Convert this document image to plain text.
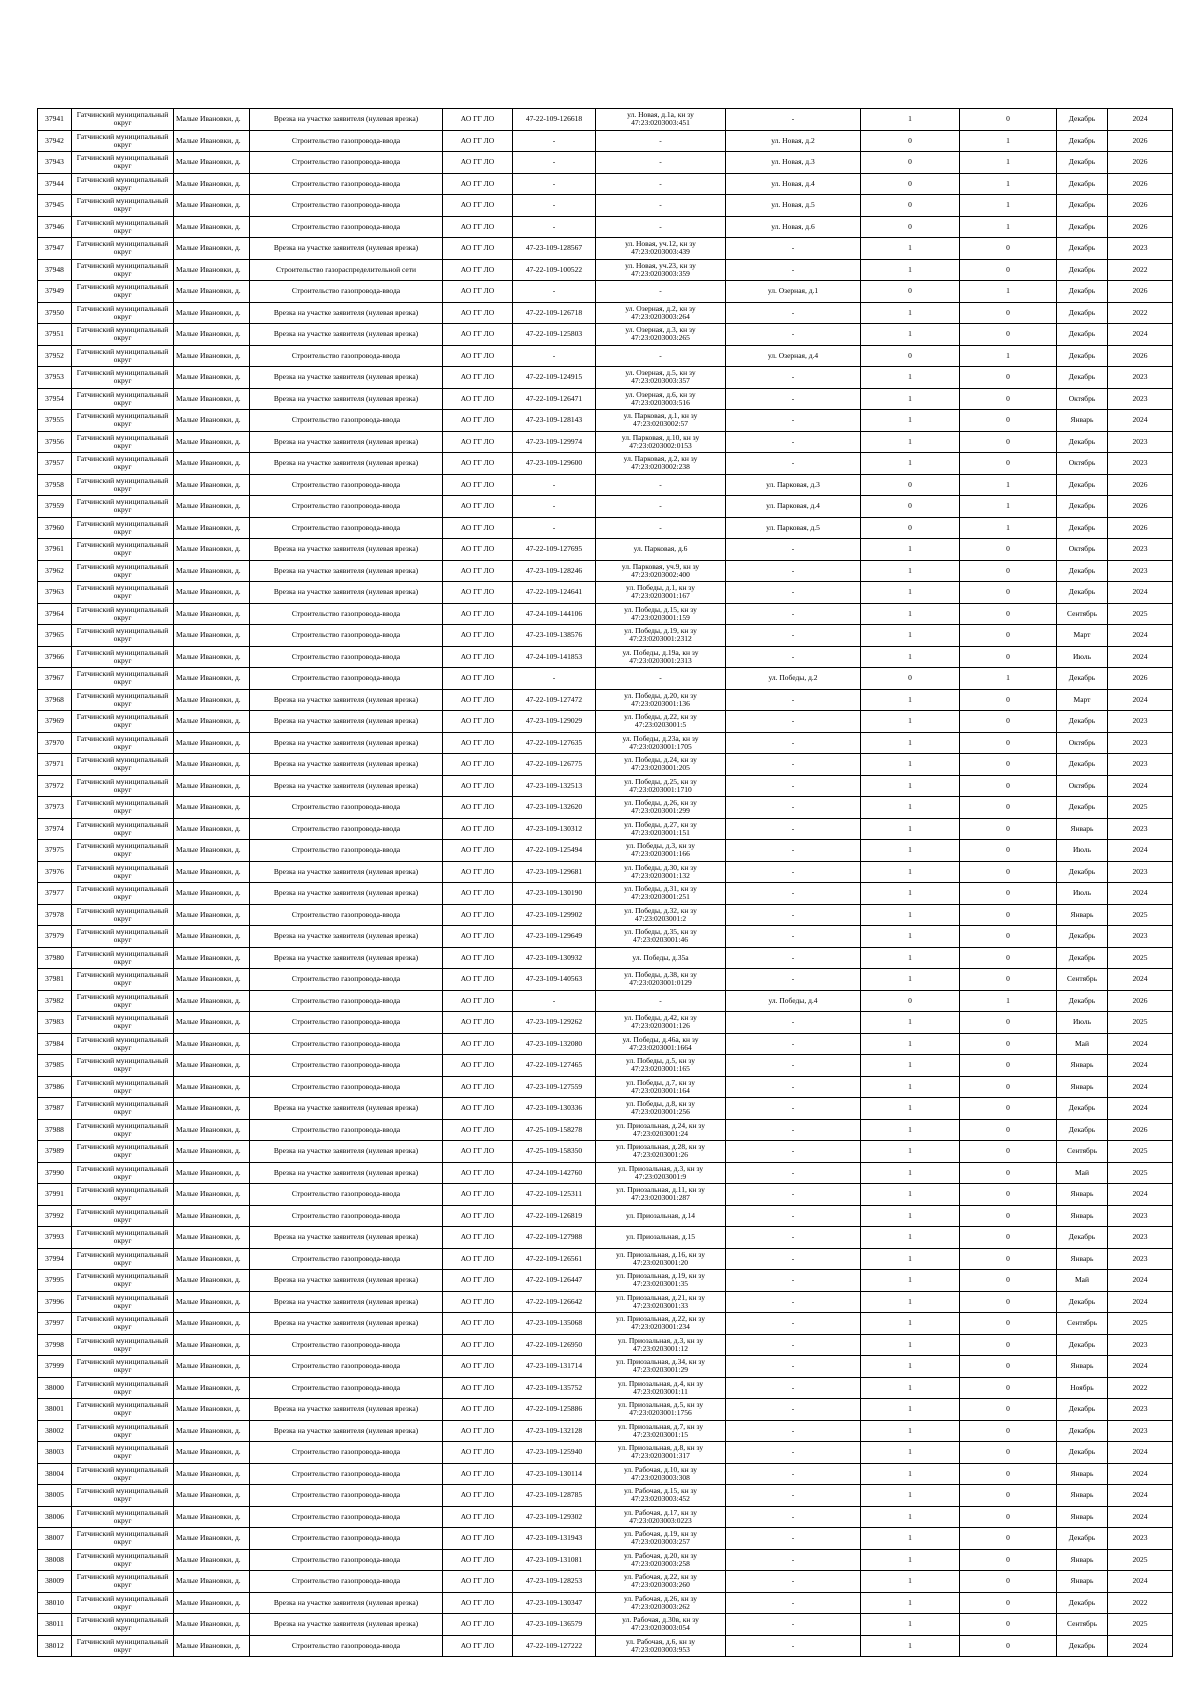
37941	Гатчинский муниципальный округ	Малые Ивановки, д.	Врезка на участке заявителя (нулевая врезка)	АО ГГ ЛО	47-22-109-126618	ул. Новая, д.1а, кн зу 47:23:0203003:451	-	1	0	Декабрь	2024
37942	Гатчинский муниципальный округ	Малые Ивановки, д.	Строительство газопровода-ввода	АО ГГ ЛО	-	-	ул. Новая, д.2	0	1	Декабрь	2026
37943	Гатчинский муниципальный округ	Малые Ивановки, д.	Строительство газопровода-ввода	АО ГГ ЛО	-	-	ул. Новая, д.3	0	1	Декабрь	2026
37944	Гатчинский муниципальный округ	Малые Ивановки, д.	Строительство газопровода-ввода	АО ГГ ЛО	-	-	ул. Новая, д.4	0	1	Декабрь	2026
37945	Гатчинский муниципальный округ	Малые Ивановки, д.	Строительство газопровода-ввода	АО ГГ ЛО	-	-	ул. Новая, д.5	0	1	Декабрь	2026
37946	Гатчинский муниципальный округ	Малые Ивановки, д.	Строительство газопровода-ввода	АО ГГ ЛО	-	-	ул. Новая, д.6	0	1	Декабрь	2026
37947	Гатчинский муниципальный округ	Малые Ивановки, д.	Врезка на участке заявителя (нулевая врезка)	АО ГГ ЛО	47-23-109-128567	ул. Новая, уч.12, кн зу 47:23:0203003:439	-	1	0	Декабрь	2023
37948	Гатчинский муниципальный округ	Малые Ивановки, д.	Строительство газораспределительной сети	АО ГГ ЛО	47-22-109-100522	ул. Новая, уч.23, кн зу 47:23:0203003:359	-	1	0	Декабрь	2022
37949	Гатчинский муниципальный округ	Малые Ивановки, д.	Строительство газопровода-ввода	АО ГГ ЛО	-	-	ул. Озерная, д.1	0	1	Декабрь	2026
37950	Гатчинский муниципальный округ	Малые Ивановки, д.	Врезка на участке заявителя (нулевая врезка)	АО ГГ ЛО	47-22-109-126718	ул. Озерная, д.2, кн зу 47:23:0203003:264	-	1	0	Декабрь	2022
37951	Гатчинский муниципальный округ	Малые Ивановки, д.	Врезка на участке заявителя (нулевая врезка)	АО ГГ ЛО	47-22-109-125803	ул. Озерная, д.3, кн зу 47:23:0203003:265	-	1	0	Декабрь	2024
37952	Гатчинский муниципальный округ	Малые Ивановки, д.	Строительство газопровода-ввода	АО ГГ ЛО	-	-	ул. Озерная, д.4	0	1	Декабрь	2026
37953	Гатчинский муниципальный округ	Малые Ивановки, д.	Врезка на участке заявителя (нулевая врезка)	АО ГГ ЛО	47-22-109-124915	ул. Озерная, д.5, кн зу 47:23:0203003:357	-	1	0	Декабрь	2023
37954	Гатчинский муниципальный округ	Малые Ивановки, д.	Врезка на участке заявителя (нулевая врезка)	АО ГГ ЛО	47-22-109-126471	ул. Озерная, д.6, кн зу 47:23:0203003:516	-	1	0	Октябрь	2023
37955	Гатчинский муниципальный округ	Малые Ивановки, д.	Строительство газопровода-ввода	АО ГГ ЛО	47-23-109-128143	ул. Парковая, д.1, кн зу 47:23:0203002:57	-	1	0	Январь	2024
37956	Гатчинский муниципальный округ	Малые Ивановки, д.	Врезка на участке заявителя (нулевая врезка)	АО ГГ ЛО	47-23-109-129974	ул. Парковая, д.10, кн зу 47:23:0203002:0153	-	1	0	Декабрь	2023
37957	Гатчинский муниципальный округ	Малые Ивановки, д.	Врезка на участке заявителя (нулевая врезка)	АО ГГ ЛО	47-23-109-129600	ул. Парковая, д.2, кн зу 47:23:0203002:238	-	1	0	Октябрь	2023
37958	Гатчинский муниципальный округ	Малые Ивановки, д.	Строительство газопровода-ввода	АО ГГ ЛО	-	-	ул. Парковая, д.3	0	1	Декабрь	2026
37959	Гатчинский муниципальный округ	Малые Ивановки, д.	Строительство газопровода-ввода	АО ГГ ЛО	-	-	ул. Парковая, д.4	0	1	Декабрь	2026
37960	Гатчинский муниципальный округ	Малые Ивановки, д.	Строительство газопровода-ввода	АО ГГ ЛО	-	-	ул. Парковая, д.5	0	1	Декабрь	2026
37961	Гатчинский муниципальный округ	Малые Ивановки, д.	Врезка на участке заявителя (нулевая врезка)	АО ГГ ЛО	47-22-109-127695	ул. Парковая, д.6	-	1	0	Октябрь	2023
37962	Гатчинский муниципальный округ	Малые Ивановки, д.	Врезка на участке заявителя (нулевая врезка)	АО ГГ ЛО	47-23-109-128246	ул. Парковая, уч.9, кн зу 47:23:0203002:400	-	1	0	Декабрь	2023
37963	Гатчинский муниципальный округ	Малые Ивановки, д.	Врезка на участке заявителя (нулевая врезка)	АО ГГ ЛО	47-22-109-124641	ул. Победы, д.1, кн зу 47:23:0203001:167	-	1	0	Декабрь	2024
37964	Гатчинский муниципальный округ	Малые Ивановки, д.	Строительство газопровода-ввода	АО ГГ ЛО	47-24-109-144106	ул. Победы, д.15, кн зу 47:23:0203001:159	-	1	0	Сентябрь	2025
37965	Гатчинский муниципальный округ	Малые Ивановки, д.	Строительство газопровода-ввода	АО ГГ ЛО	47-23-109-138576	ул. Победы, д.19, кн зу 47:23:0203001:2312	-	1	0	Март	2024
37966	Гатчинский муниципальный округ	Малые Ивановки, д.	Строительство газопровода-ввода	АО ГГ ЛО	47-24-109-141853	ул. Победы, д.19а, кн зу 47:23:0203001:2313	-	1	0	Июль	2024
37967	Гатчинский муниципальный округ	Малые Ивановки, д.	Строительство газопровода-ввода	АО ГГ ЛО	-	-	ул. Победы, д.2	0	1	Декабрь	2026
37968	Гатчинский муниципальный округ	Малые Ивановки, д.	Врезка на участке заявителя (нулевая врезка)	АО ГГ ЛО	47-22-109-127472	ул. Победы, д.20, кн зу 47:23:0203001:136	-	1	0	Март	2024
37969	Гатчинский муниципальный округ	Малые Ивановки, д.	Врезка на участке заявителя (нулевая врезка)	АО ГГ ЛО	47-23-109-129029	ул. Победы, д.22, кн зу 47:23:0203001:5	-	1	0	Декабрь	2023
37970	Гатчинский муниципальный округ	Малые Ивановки, д.	Врезка на участке заявителя (нулевая врезка)	АО ГГ ЛО	47-22-109-127635	ул. Победы, д.23а, кн зу 47:23:0203001:1705	-	1	0	Октябрь	2023
37971	Гатчинский муниципальный округ	Малые Ивановки, д.	Врезка на участке заявителя (нулевая врезка)	АО ГГ ЛО	47-22-109-126775	ул. Победы, д.24, кн зу 47:23:0203001:205	-	1	0	Декабрь	2023
37972	Гатчинский муниципальный округ	Малые Ивановки, д.	Врезка на участке заявителя (нулевая врезка)	АО ГГ ЛО	47-23-109-132513	ул. Победы, д.25, кн зу 47:23:0203001:1710	-	1	0	Октябрь	2024
37973	Гатчинский муниципальный округ	Малые Ивановки, д.	Строительство газопровода-ввода	АО ГГ ЛО	47-23-109-132620	ул. Победы, д.26, кн зу 47:23:0203001:299	-	1	0	Декабрь	2025
37974	Гатчинский муниципальный округ	Малые Ивановки, д.	Строительство газопровода-ввода	АО ГГ ЛО	47-23-109-130312	ул. Победы, д.27, кн зу 47:23:0203001:151	-	1	0	Январь	2023
37975	Гатчинский муниципальный округ	Малые Ивановки, д.	Строительство газопровода-ввода	АО ГГ ЛО	47-22-109-125494	ул. Победы, д.3, кн зу 47:23:0203001:166	-	1	0	Июль	2024
37976	Гатчинский муниципальный округ	Малые Ивановки, д.	Врезка на участке заявителя (нулевая врезка)	АО ГГ ЛО	47-23-109-129681	ул. Победы, д.30, кн зу 47:23:0203001:132	-	1	0	Декабрь	2023
37977	Гатчинский муниципальный округ	Малые Ивановки, д.	Врезка на участке заявителя (нулевая врезка)	АО ГГ ЛО	47-23-109-130190	ул. Победы, д.31, кн зу 47:23:0203001:251	-	1	0	Июль	2024
37978	Гатчинский муниципальный округ	Малые Ивановки, д.	Строительство газопровода-ввода	АО ГГ ЛО	47-23-109-129902	ул. Победы, д.32, кн зу 47:23:0203001:2	-	1	0	Январь	2025
37979	Гатчинский муниципальный округ	Малые Ивановки, д.	Врезка на участке заявителя (нулевая врезка)	АО ГГ ЛО	47-23-109-129649	ул. Победы, д.35, кн зу 47:23:0203001:46	-	1	0	Декабрь	2023
37980	Гатчинский муниципальный округ	Малые Ивановки, д.	Врезка на участке заявителя (нулевая врезка)	АО ГГ ЛО	47-23-109-130932	ул. Победы, д.35а	-	1	0	Декабрь	2025
37981	Гатчинский муниципальный округ	Малые Ивановки, д.	Строительство газопровода-ввода	АО ГГ ЛО	47-23-109-140563	ул. Победы, д.38, кн зу 47:23:0203001:0129	-	1	0	Сентябрь	2024
37982	Гатчинский муниципальный округ	Малые Ивановки, д.	Строительство газопровода-ввода	АО ГГ ЛО	-	-	ул. Победы, д.4	0	1	Декабрь	2026
37983	Гатчинский муниципальный округ	Малые Ивановки, д.	Строительство газопровода-ввода	АО ГГ ЛО	47-23-109-129262	ул. Победы, д.42, кн зу 47:23:0203001:126	-	1	0	Июль	2025
37984	Гатчинский муниципальный округ	Малые Ивановки, д.	Строительство газопровода-ввода	АО ГГ ЛО	47-23-109-132080	ул. Победы, д.46а, кн зу 47:23:0203001:1664	-	1	0	Май	2024
37985	Гатчинский муниципальный округ	Малые Ивановки, д.	Строительство газопровода-ввода	АО ГГ ЛО	47-22-109-127465	ул. Победы, д.5, кн зу 47:23:0203001:165	-	1	0	Январь	2024
37986	Гатчинский муниципальный округ	Малые Ивановки, д.	Строительство газопровода-ввода	АО ГГ ЛО	47-23-109-127559	ул. Победы, д.7, кн зу 47:23:0203001:164	-	1	0	Январь	2024
37987	Гатчинский муниципальный округ	Малые Ивановки, д.	Врезка на участке заявителя (нулевая врезка)	АО ГГ ЛО	47-23-109-130336	ул. Победы, д.8, кн зу 47:23:0203001:256	-	1	0	Декабрь	2024
37988	Гатчинский муниципальный округ	Малые Ивановки, д.	Строительство газопровода-ввода	АО ГГ ЛО	47-25-109-158278	ул. Приозальная, д.24, кн зу 47:23:0203001:24	-	1	0	Декабрь	2026
37989	Гатчинский муниципальный округ	Малые Ивановки, д.	Врезка на участке заявителя (нулевая врезка)	АО ГГ ЛО	47-25-109-158350	ул. Приозальная, д.28, кн зу 47:23:0203001:26	-	1	0	Сентябрь	2025
37990	Гатчинский муниципальный округ	Малые Ивановки, д.	Врезка на участке заявителя (нулевая врезка)	АО ГГ ЛО	47-24-109-142760	ул. Приозальная, д.3, кн зу 47:23:0203001:9	-	1	0	Май	2025
37991	Гатчинский муниципальный округ	Малые Ивановки, д.	Строительство газопровода-ввода	АО ГГ ЛО	47-22-109-125311	ул. Приозальная, д.11, кн зу 47:23:0203001:287	-	1	0	Январь	2024
37992	Гатчинский муниципальный округ	Малые Ивановки, д.	Строительство газопровода-ввода	АО ГГ ЛО	47-22-109-126819	ул. Приозальная, д.14	-	1	0	Январь	2023
37993	Гатчинский муниципальный округ	Малые Ивановки, д.	Врезка на участке заявителя (нулевая врезка)	АО ГГ ЛО	47-22-109-127988	ул. Приозальная, д.15	-	1	0	Декабрь	2023
37994	Гатчинский муниципальный округ	Малые Ивановки, д.	Строительство газопровода-ввода	АО ГГ ЛО	47-22-109-126561	ул. Приозальная, д.16, кн зу 47:23:0203001:20	-	1	0	Январь	2023
37995	Гатчинский муниципальный округ	Малые Ивановки, д.	Врезка на участке заявителя (нулевая врезка)	АО ГГ ЛО	47-22-109-126447	ул. Приозальная, д.19, кн зу 47:23:0203001:35	-	1	0	Май	2024
37996	Гатчинский муниципальный округ	Малые Ивановки, д.	Врезка на участке заявителя (нулевая врезка)	АО ГГ ЛО	47-22-109-126642	ул. Приозальная, д.21, кн зу 47:23:0203001:33	-	1	0	Декабрь	2024
37997	Гатчинский муниципальный округ	Малые Ивановки, д.	Врезка на участке заявителя (нулевая врезка)	АО ГГ ЛО	47-23-109-135068	ул. Приозальная, д.22, кн зу 47:23:0203001:234	-	1	0	Сентябрь	2025
37998	Гатчинский муниципальный округ	Малые Ивановки, д.	Строительство газопровода-ввода	АО ГГ ЛО	47-22-109-126950	ул. Приозальная, д.3, кн зу 47:23:0203001:12	-	1	0	Декабрь	2023
37999	Гатчинский муниципальный округ	Малые Ивановки, д.	Строительство газопровода-ввода	АО ГГ ЛО	47-23-109-131714	ул. Приозальная, д.34, кн зу 47:23:0203001:29	-	1	0	Январь	2024
38000	Гатчинский муниципальный округ	Малые Ивановки, д.	Строительство газопровода-ввода	АО ГГ ЛО	47-23-109-135752	ул. Приозальная, д.4, кн зу 47:23:0203001:11	-	1	0	Ноябрь	2022
38001	Гатчинский муниципальный округ	Малые Ивановки, д.	Врезка на участке заявителя (нулевая врезка)	АО ГГ ЛО	47-22-109-125886	ул. Приозальная, д.5, кн зу 47:23:0203001:1756	-	1	0	Декабрь	2023
38002	Гатчинский муниципальный округ	Малые Ивановки, д.	Врезка на участке заявителя (нулевая врезка)	АО ГГ ЛО	47-23-109-132128	ул. Приозальная, д.7, кн зу 47:23:0203001:15	-	1	0	Декабрь	2023
38003	Гатчинский муниципальный округ	Малые Ивановки, д.	Строительство газопровода-ввода	АО ГГ ЛО	47-23-109-125940	ул. Приозальная, д.8, кн зу 47:23:0203001:317	-	1	0	Декабрь	2024
38004	Гатчинский муниципальный округ	Малые Ивановки, д.	Строительство газопровода-ввода	АО ГГ ЛО	47-23-109-130114	ул. Рабочая, д.10, кн зу 47:23:0203003:308	-	1	0	Январь	2024
38005	Гатчинский муниципальный округ	Малые Ивановки, д.	Строительство газопровода-ввода	АО ГГ ЛО	47-23-109-128785	ул. Рабочая, д.15, кн зу 47:23:0203003:452	-	1	0	Январь	2024
38006	Гатчинский муниципальный округ	Малые Ивановки, д.	Строительство газопровода-ввода	АО ГГ ЛО	47-23-109-129302	ул. Рабочая, д.17, кн зу 47:23:0203003:0223	-	1	0	Январь	2024
38007	Гатчинский муниципальный округ	Малые Ивановки, д.	Строительство газопровода-ввода	АО ГГ ЛО	47-23-109-131943	ул. Рабочая, д.19, кн зу 47:23:0203003:257	-	1	0	Декабрь	2023
38008	Гатчинский муниципальный округ	Малые Ивановки, д.	Строительство газопровода-ввода	АО ГГ ЛО	47-23-109-131081	ул. Рабочая, д.20, кн зу 47:23:0203003:258	-	1	0	Январь	2025
38009	Гатчинский муниципальный округ	Малые Ивановки, д.	Строительство газопровода-ввода	АО ГГ ЛО	47-23-109-128253	ул. Рабочая, д.22, кн зу 47:23:0203003:260	-	1	0	Январь	2024
38010	Гатчинский муниципальный округ	Малые Ивановки, д.	Врезка на участке заявителя (нулевая врезка)	АО ГГ ЛО	47-23-109-130347	ул. Рабочая, д.26, кн зу 47:23:0203003:262	-	1	0	Декабрь	2022
38011	Гатчинский муниципальный округ	Малые Ивановки, д.	Врезка на участке заявителя (нулевая врезка)	АО ГГ ЛО	47-23-109-136579	ул. Рабочая, д.30в, кн зу 47:23:0203003:054	-	1	0	Сентябрь	2025
38012	Гатчинский муниципальный округ	Малые Ивановки, д.	Строительство газопровода-ввода	АО ГГ ЛО	47-22-109-127222	ул. Рабочая, д.6, кн зу 47:23:0203003:953	-	1	0	Декабрь	2024
